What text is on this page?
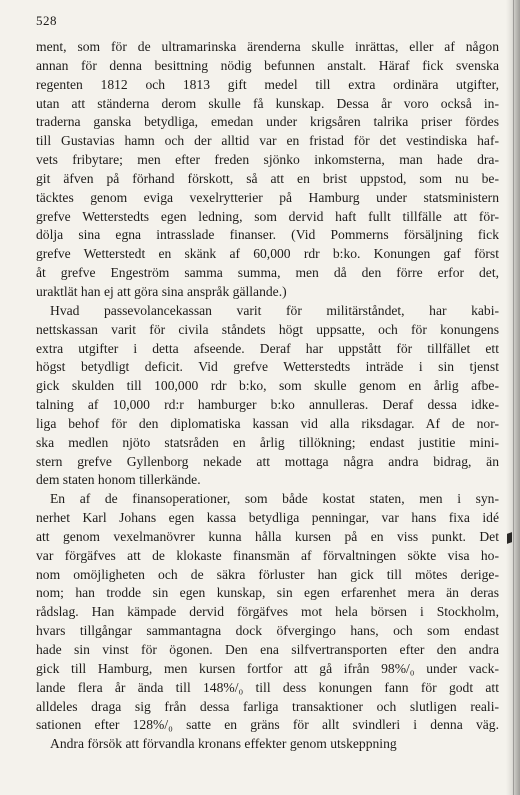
528
ment, som för de ultramarinska ärenderna skulle inrättas, eller af någon
annan för denna besittning nödig befunnen anstalt. Häraf fick svenska
regenten 1812 och 1813 gift medel till extra ordinära utgifter,
utan att ständerna derom skulle få kunskap. Dessa år voro också in-
traderna ganska betydliga, emedan under krigsåren talrika priser fördes
till Gustavias hamn och der alltid var en fristad för det vestindiska haf-
vets fribytare; men efter freden sjönko inkomsterna, man hade dra-
git äfven på förhand förskott, så att en brist uppstod, som nu be-
täcktes genom eviga vexelrytterier på Hamburg under statsministern
grefve Wetterstedts egen ledning, som dervid haft fullt tillfälle att för-
dölja sina egna intrasslade finanser. (Vid Pommerns försäljning fick
grefve Wetterstedt en skänk af 60,000 rdr b:ko. Konungen gaf först
åt grefve Engeström samma summa, men då den förre erfor det,
uraktlät han ej att göra sina anspråk gällande.)
Hvad passevolancekassan varit för militärståndet, har kabi-
nettskassan varit för civila ståndets högt uppsatte, och för konungens
extra utgifter i detta afseende. Deraf har uppstått för tillfället ett
högst betydligt deficit. Vid grefve Wetterstedts inträde i sin tjenst
gick skulden till 100,000 rdr b:ko, som skulle genom en årlig afbe-
talning af 10,000 rd:r hamburger b:ko annulleras. Deraf dessa idke-
liga behof för den diplomatiska kassan vid alla riksdagar. Af de nor-
ska medlen njöto statsråden en årlig tillökning; endast justitie mini-
stern grefve Gyllenborg nekade att mottaga några andra bidrag, än
dem staten honom tillerkände.
En af de finansoperationer, som både kostat staten, men i syn-
nerhet Karl Johans egen kassa betydliga penningar, var hans fixa idé
att genom vexelmanövrer kunna hålla kursen på en viss punkt. Det
var förgäfves att de klokaste finansmän af förvaltningen sökte visa ho-
nom omöjligheten och de säkra förluster han gick till mötes derige-
nom; han trodde sin egen kunskap, sin egen erfarenhet mera än deras
rådslag. Han kämpade dervid förgäfves mot hela börsen i Stockholm,
hvars tillgångar sammantagna dock öfvergingo hans, och som endast
hade sin vinst för ögonen. Den ena silfvertransporten efter den andra
gick till Hamburg, men kursen fortfor att gå ifrån 98%/₀ under vack-
lande flera år ända till 148%/₀ till dess konungen fann för godt att
alldeles draga sig från dessa farliga transaktioner och slutligen reali-
sationen efter 128%/₀ satte en gräns för allt svindleri i denna väg.
Andra försök att förvandla kronans effekter genom utskeppning
